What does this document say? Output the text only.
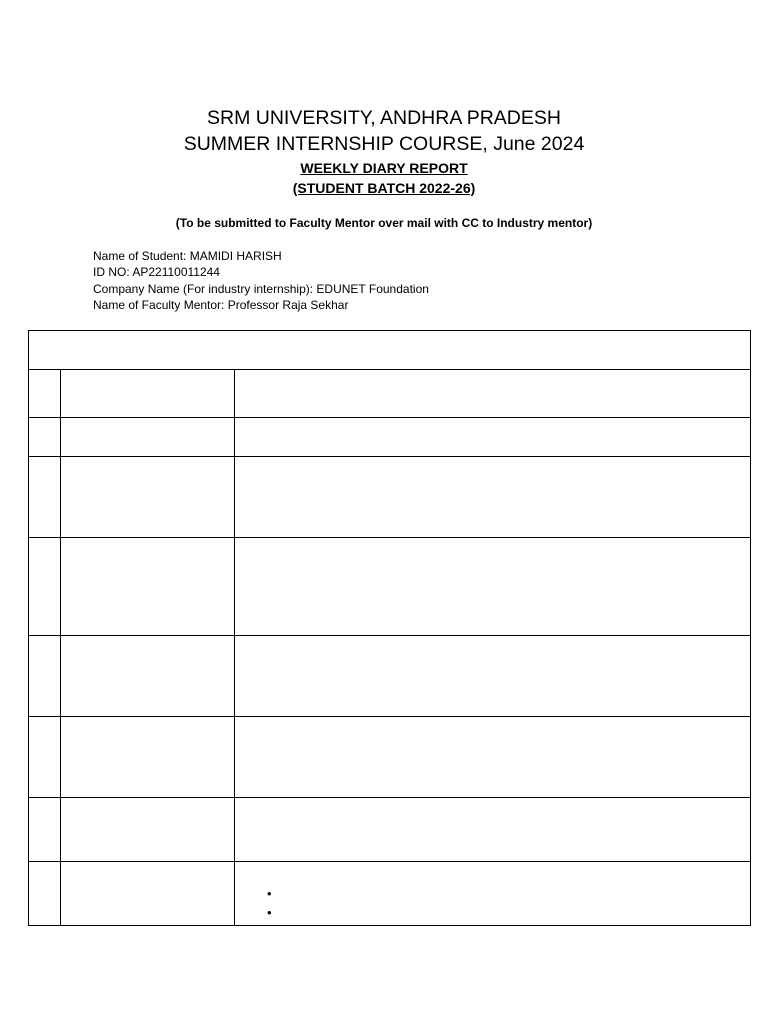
SRM UNIVERSITY, ANDHRA PRADESH
SUMMER INTERNSHIP COURSE, June 2024
WEEKLY DIARY REPORT
(STUDENT BATCH 2022-26)
(To be submitted to Faculty Mentor over mail with CC to Industry mentor)
Name of Student: MAMIDI HARISH
ID NO: AP22110011244
Company Name (For industry internship): EDUNET Foundation
Name of Faculty Mentor: Professor Raja Sekhar
•
•
